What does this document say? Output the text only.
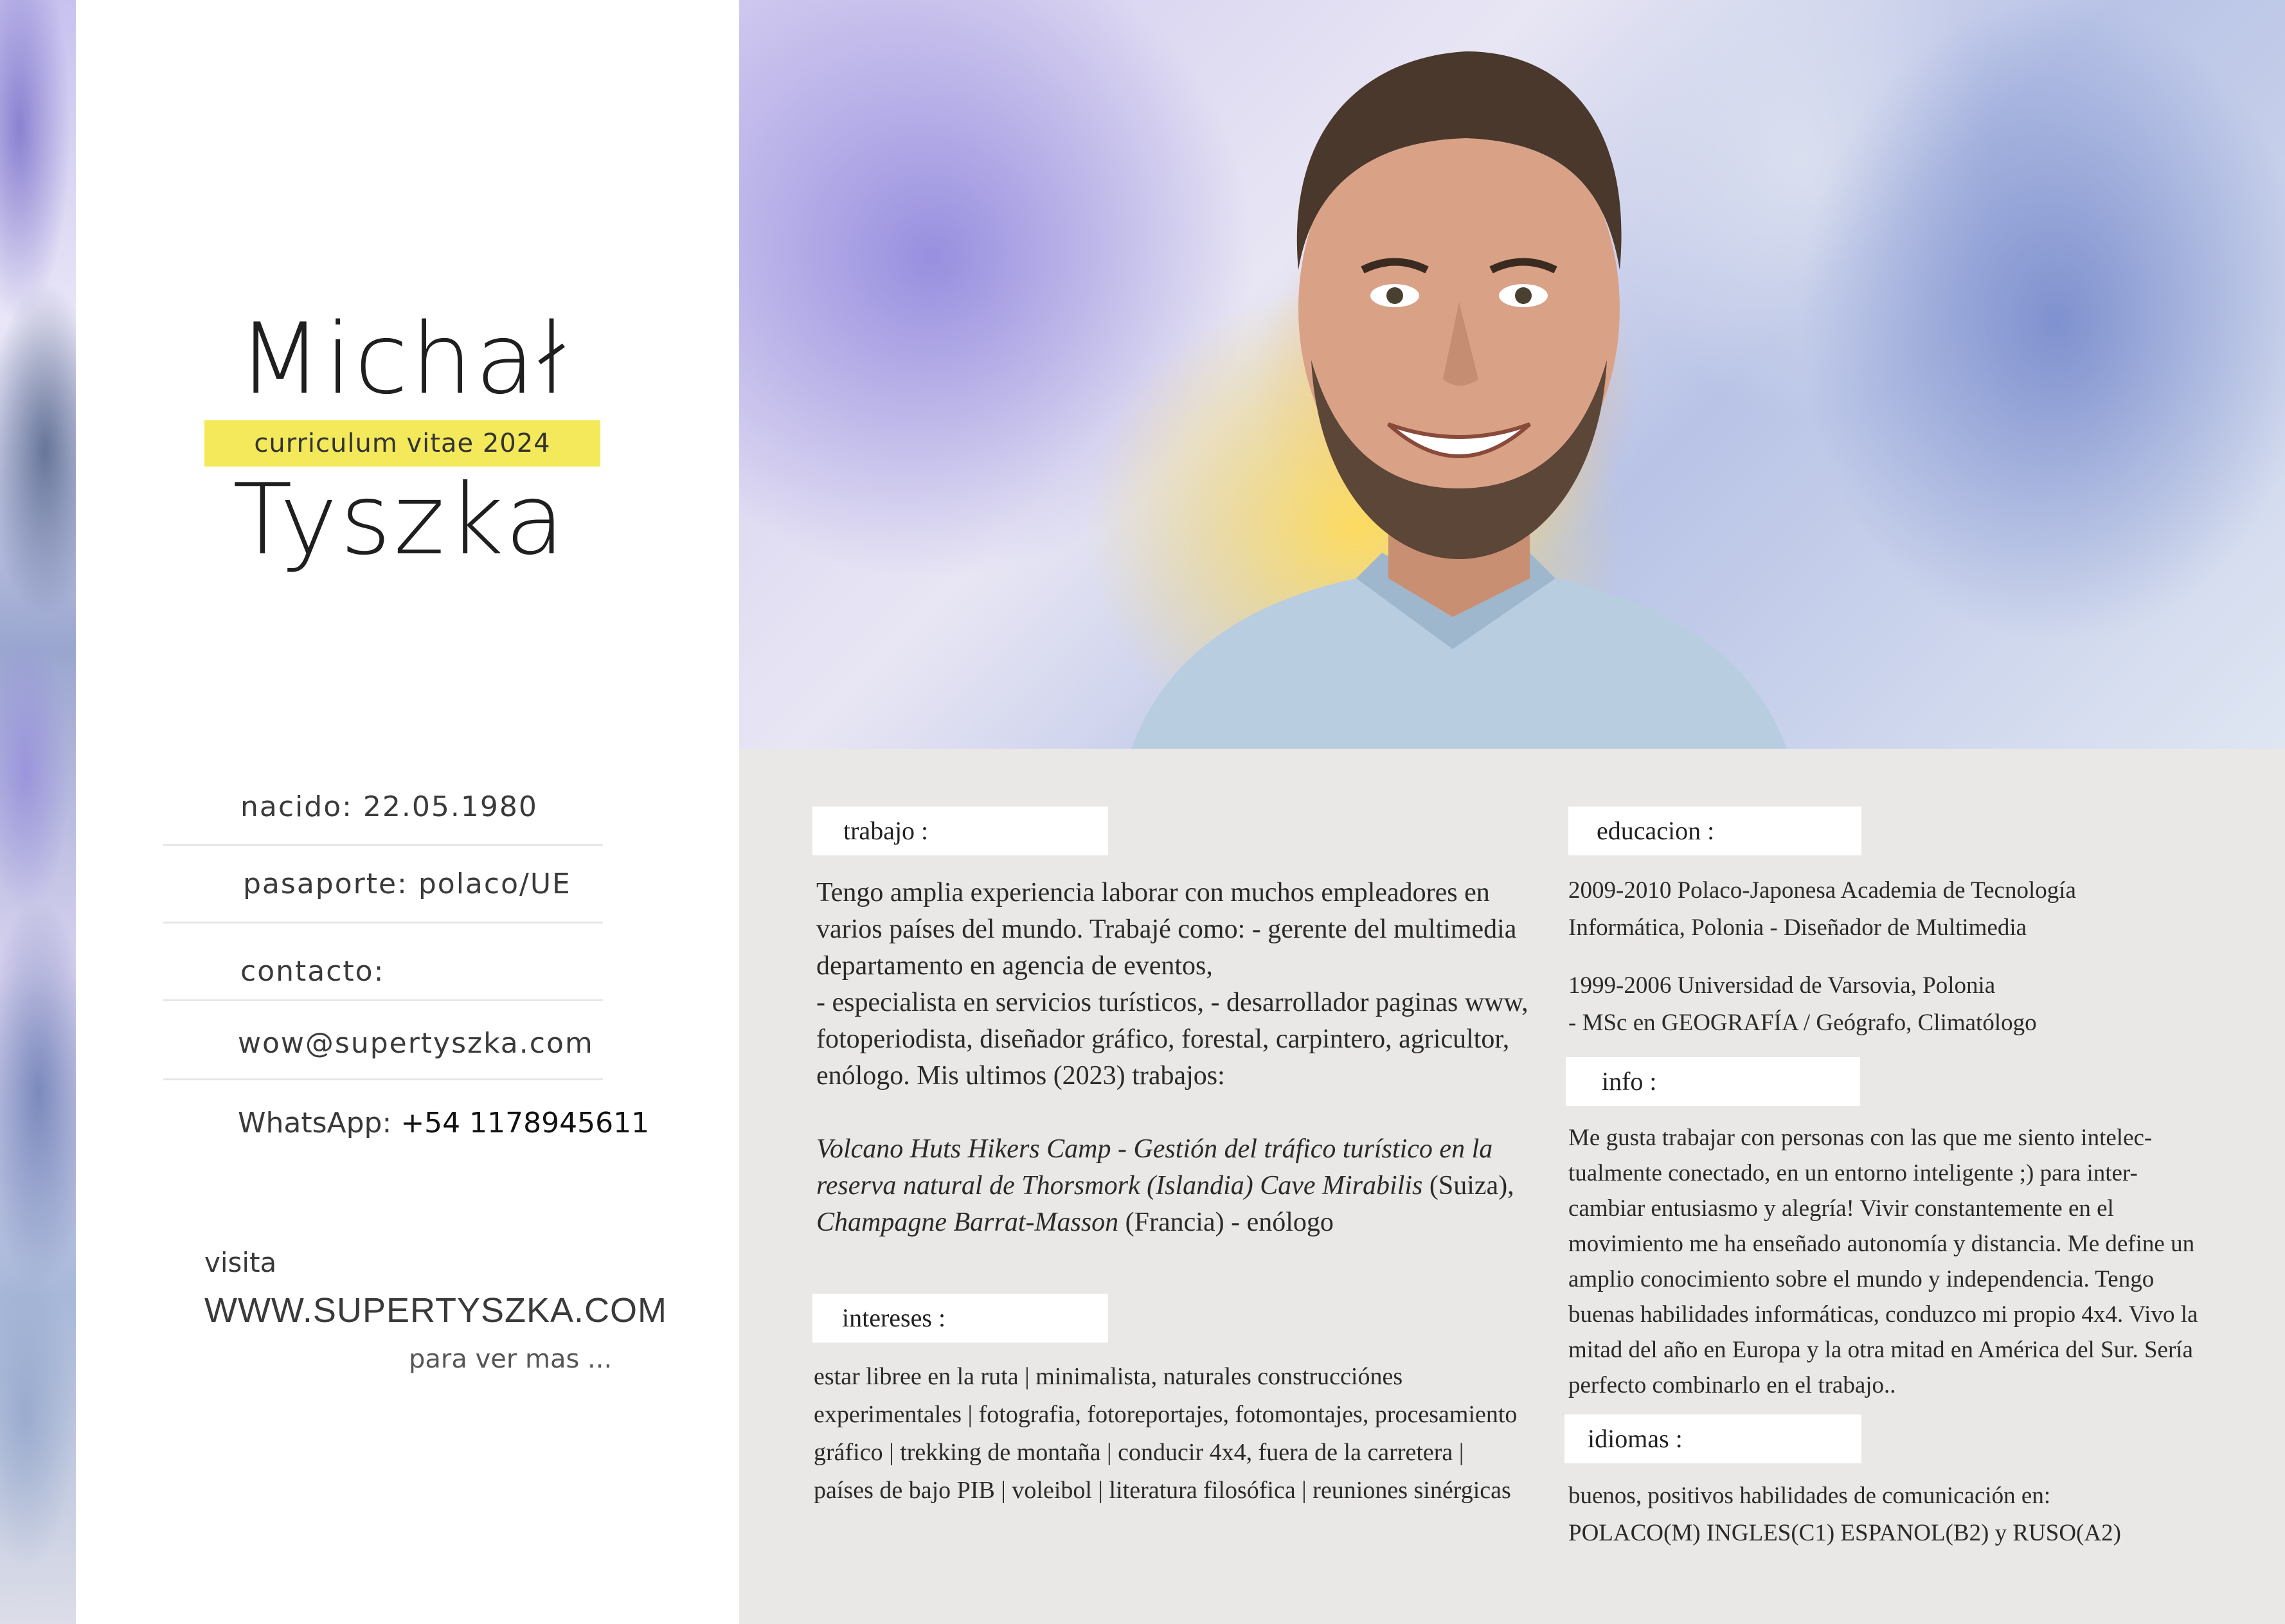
Michał
curriculum vitae 2024
Tyszka
nacido: 22.05.1980
pasaporte: polaco/UE
contacto:
wow@supertyszka.com
WhatsApp: +54 1178945611
visita
WWW.SUPERTYSZKA.COM
para ver mas ...
trabajo :

Tengo amplia experiencia laborar con muchos empleadores en varios países del mundo. Trabajé como: - gerente del multimedia departamento en agencia de eventos,

- especialista en servicios turísticos, - desarrollador paginas www, fotoperiodista, diseñador gráfico, forestal, carpintero, agricultor, enólogo. Mis ultimos (2023) trabajos:

Volcano Huts Hikers Camp - Gestión del tráfico turístico en la reserva natural de Thorsmork (Islandia) Cave Mirabilis (Suiza), Champagne Barrat-Masson (Francia) - enólogo

intereses :
estar libree en la ruta | minimalista, naturales construcciónes experimentales | fotografia, fotoreportajes, fotomontajes, procesamiento gráfico | trekking de montaña | conducir 4x4, fuera de la carretera | países de bajo PIB | voleibol | literatura filosófica | reuniones sinérgicas
educacion :

2009-2010 Polaco-Japonesa Academia de Tecnología

Informática, Polonia - Diseñador de Multimedia

1999-2006 Universidad de Varsovia, Polonia

- MSc en GEOGRAFÍA / Geógrafo, Climatólogo

info :
Me gusta trabajar con personas con las que me siento intelec-tualmente conectado, en un entorno inteligente ;) para inter-cambiar entusiasmo y alegría! Vivir constantemente en el movimiento me ha enseñado autonomía y distancia. Me define un amplio conocimiento sobre el mundo y independencia. Tengo buenas habilidades informáticas, conduzco mi propio 4x4. Vivo la mitad del año en Europa y la otra mitad en América del Sur. Sería perfecto combinarlo en el trabajo..
idiomas :

buenos, positivos habilidades de comunicación en:

POLACO(M) INGLES(C1) ESPANOL(B2) y RUSO(A2)
